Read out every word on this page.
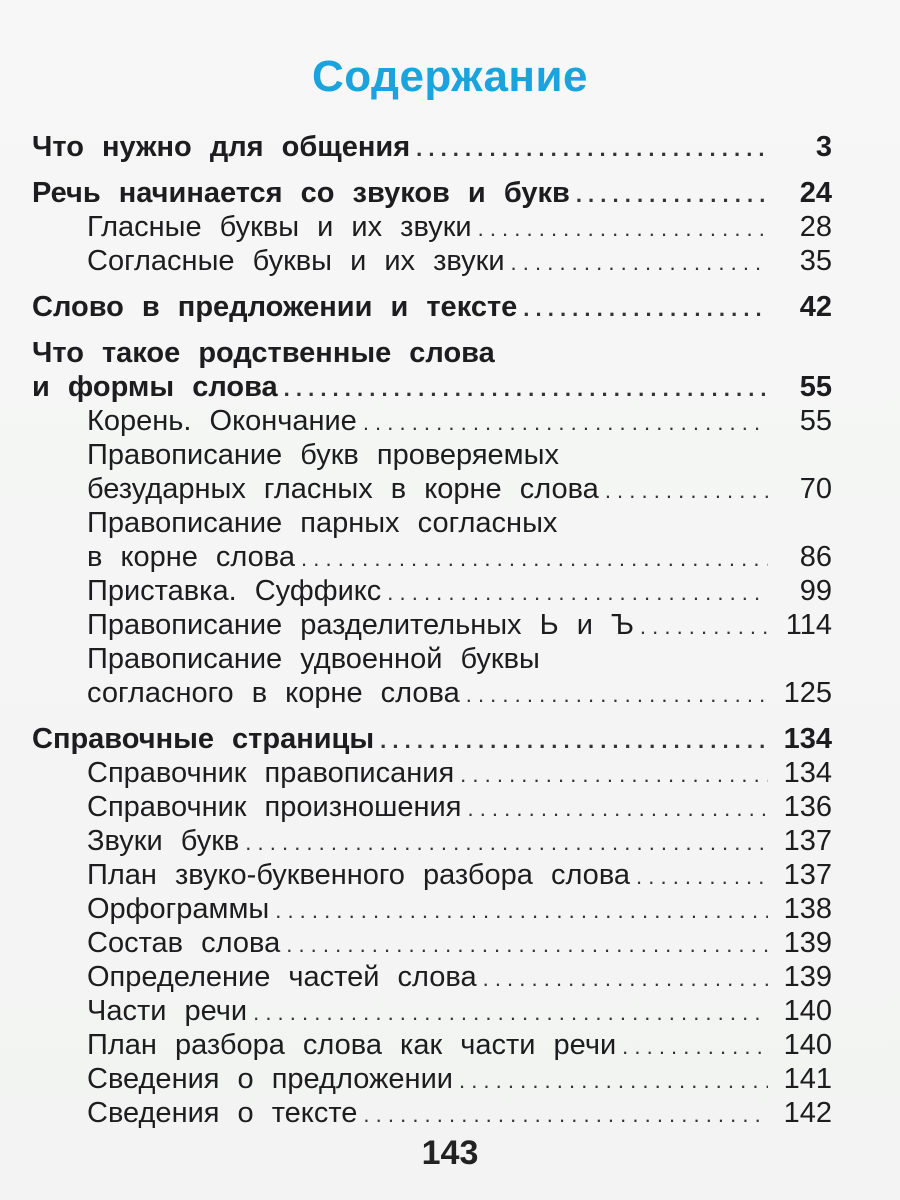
Содержание
Что нужно для общения . . .	3
Речь начинается со звуков и букв . . .	24
Гласные буквы и их звуки . . .	28
Согласные буквы и их звуки . . .	35
Слово в предложении и тексте . . .	42
Что такое родственные слова
и формы слова . . .	55
Корень. Окончание . . .	55
Правописание букв проверяемых
безударных гласных в корне слова . . .	70
Правописание парных согласных
в корне слова . . .	86
Приставка. Суффикс . . .	99
Правописание разделительных Ь и Ъ . . .	114
Правописание удвоенной буквы
согласного в корне слова . . .	125
Справочные страницы . . .	134
Справочник правописания . . .	134
Справочник произношения . . .	136
Звуки букв . . .	137
План звуко-буквенного разбора слова . . .	137
Орфограммы . . .	138
Состав слова . . .	139
Определение частей слова . . .	139
Части речи . . .	140
План разбора слова как части речи . . .	140
Сведения о предложении . . .	141
Сведения о тексте . . .	142
143
